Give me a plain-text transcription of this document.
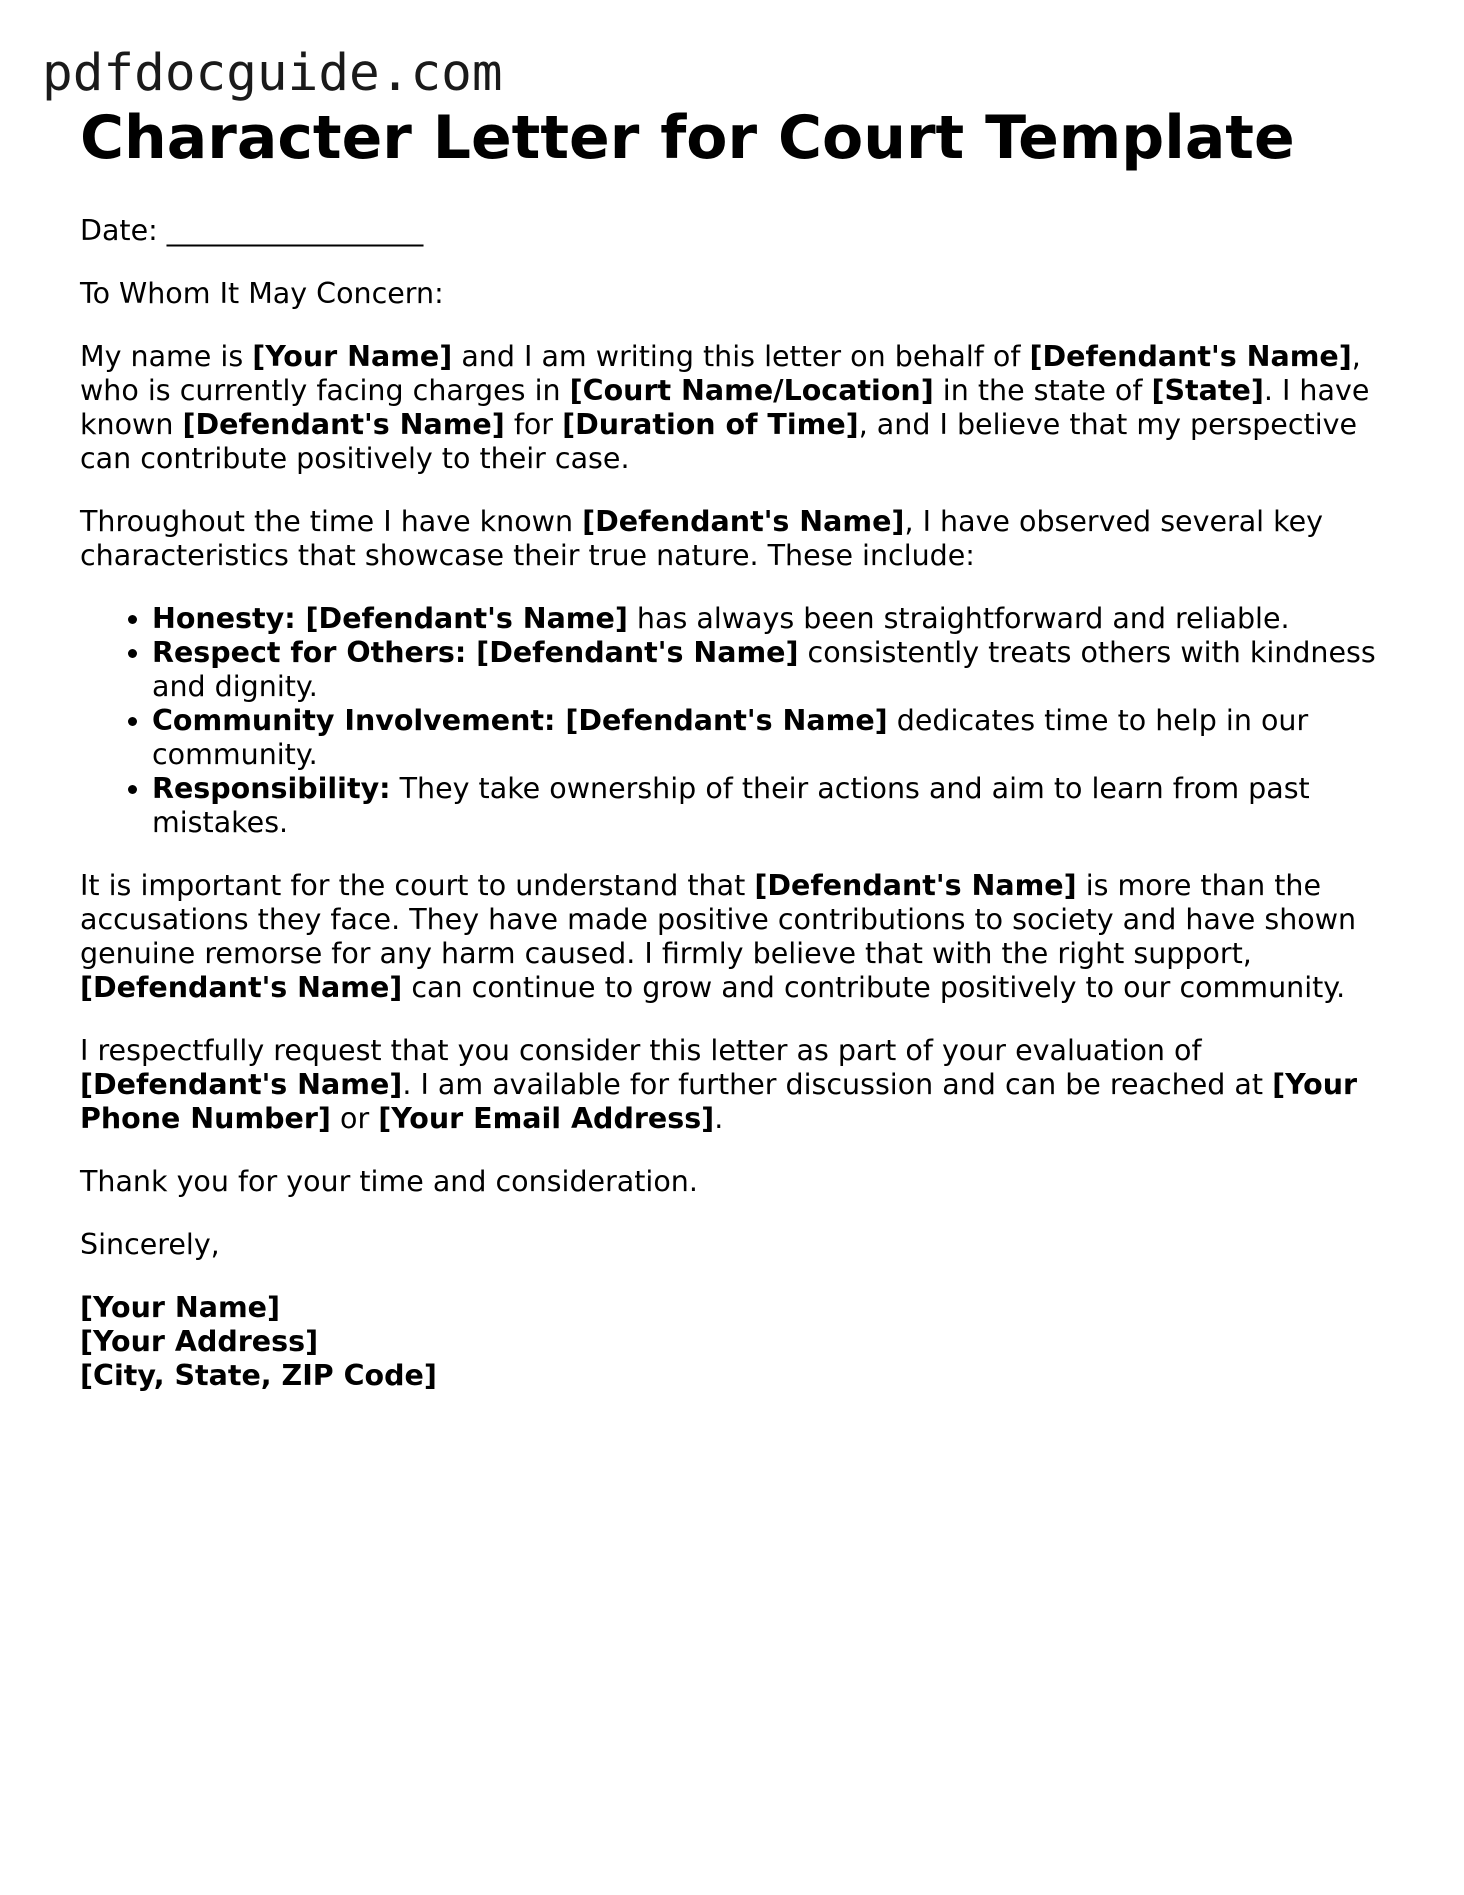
pdfdocguide.com
Character Letter for Court Template

Date: __________________

To Whom It May Concern:

My name is [Your Name] and I am writing this letter on behalf of [Defendant's Name], who is currently facing charges in [Court Name/Location] in the state of [State]. I have known [Defendant's Name] for [Duration of Time], and I believe that my perspective can contribute positively to their case.

Throughout the time I have known [Defendant's Name], I have observed several key characteristics that showcase their true nature. These include:

• Honesty: [Defendant's Name] has always been straightforward and reliable.
• Respect for Others: [Defendant's Name] consistently treats others with kindness and dignity.
• Community Involvement: [Defendant's Name] dedicates time to help in our community.
• Responsibility: They take ownership of their actions and aim to learn from past mistakes.

It is important for the court to understand that [Defendant's Name] is more than the accusations they face. They have made positive contributions to society and have shown genuine remorse for any harm caused. I firmly believe that with the right support, [Defendant's Name] can continue to grow and contribute positively to our community.

I respectfully request that you consider this letter as part of your evaluation of [Defendant's Name]. I am available for further discussion and can be reached at [Your Phone Number] or [Your Email Address].

Thank you for your time and consideration.

Sincerely,

[Your Name]

[Your Address]

[City, State, ZIP Code]
